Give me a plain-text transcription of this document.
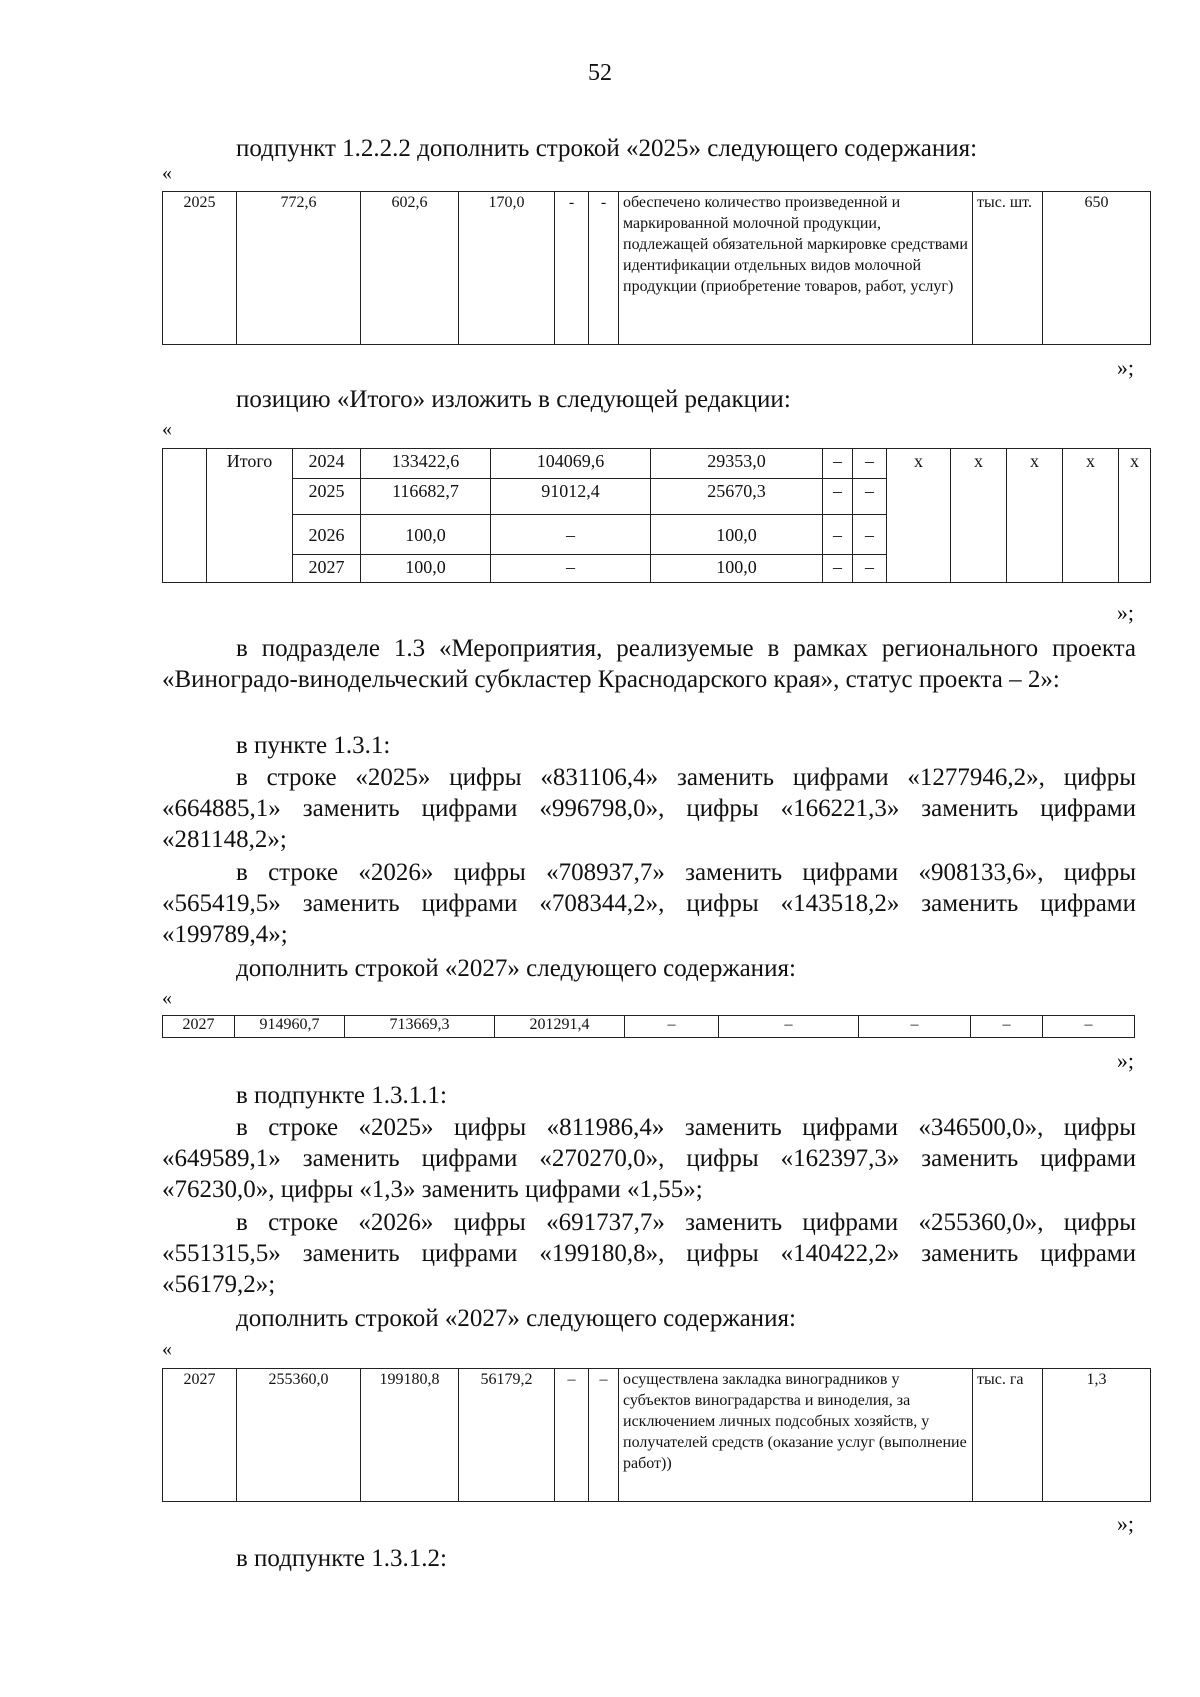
52
подпункт 1.2.2.2 дополнить строкой «2025» следующего содержания:
«
2025	772,6	602,6	170,0	-	-	обеспечено количество произведенной и маркированной молочной продукции, подлежащей обязательной маркировке средствами идентификации отдельных видов молочной продукции (приобретение товаров, работ, услуг)	тыс. шт.	650
»;
позицию «Итого» изложить в следующей редакции:
«
	Итого	2024	133422,6	104069,6	29353,0	–	–	x	x	x	x	x
		2025	116682,7	91012,4	25670,3	–	–					
		2026	100,0	–	100,0	–	–					
		2027	100,0	–	100,0	–	–					
»;
в подразделе 1.3 «Мероприятия, реализуемые в рамках регионального проекта «Виноградо-винодельческий субкластер Краснодарского края», статус проекта – 2»:
в пункте 1.3.1:
в строке «2025» цифры «831106,4» заменить цифрами «1277946,2», цифры «664885,1» заменить цифрами «996798,0», цифры «166221,3» заменить цифрами «281148,2»;
в строке «2026» цифры «708937,7» заменить цифрами «908133,6», цифры «565419,5» заменить цифрами «708344,2», цифры «143518,2» заменить цифрами «199789,4»;
дополнить строкой «2027» следующего содержания:
«
2027	914960,7	713669,3	201291,4	–	–	–	–	–
»;
в подпункте 1.3.1.1:
в строке «2025» цифры «811986,4» заменить цифрами «346500,0», цифры «649589,1» заменить цифрами «270270,0», цифры «162397,3» заменить цифрами «76230,0», цифры «1,3» заменить цифрами «1,55»;
в строке «2026» цифры «691737,7» заменить цифрами «255360,0», цифры «551315,5» заменить цифрами «199180,8», цифры «140422,2» заменить цифрами «56179,2»;
дополнить строкой «2027» следующего содержания:
«
2027	255360,0	199180,8	56179,2	–	–	осуществлена закладка виноградников у субъектов виноградарства и виноделия, за исключением личных подсобных хозяйств, у получателей средств (оказание услуг (выполнение работ))	тыс. га	1,3
»;
в подпункте 1.3.1.2:
